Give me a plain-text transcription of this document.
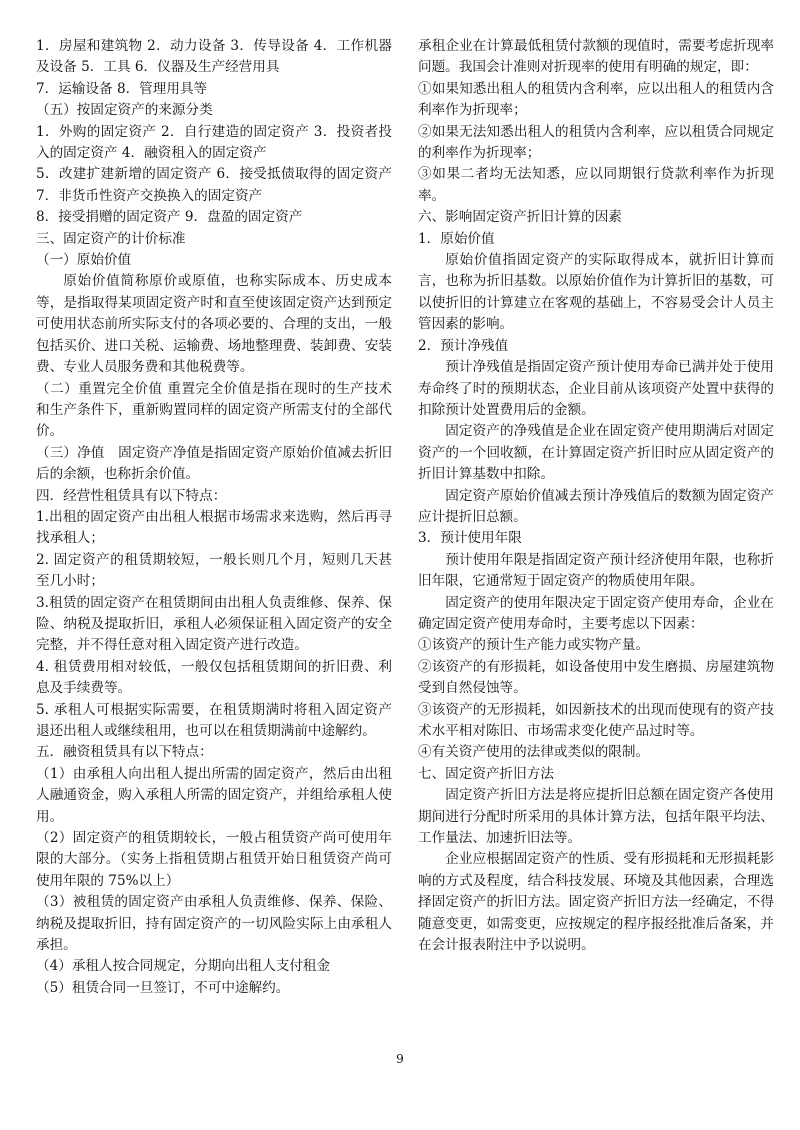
1．房屋和建筑物 2．动力设备 3．传导设备 4．工作机器及设备 5．工具 6．仪器及生产经营用具

7．运输设备 8．管理用具等

（五）按固定资产的来源分类

1．外购的固定资产 2．自行建造的固定资产 3．投资者投入的固定资产 4．融资租入的固定资产

5．改建扩建新增的固定资产 6．接受抵债取得的固定资产 7．非货币性资产交换换入的固定资产

8．接受捐赠的固定资产 9．盘盈的固定资产

三、固定资产的计价标准

（一）原始价值

原始价值简称原价或原值，也称实际成本、历史成本等，是指取得某项固定资产时和直至使该固定资产达到预定可使用状态前所实际支付的各项必要的、合理的支出，一般包括买价、进口关税、运输费、场地整理费、装卸费、安装费、专业人员服务费和其他税费等。

（二）重置完全价值 重置完全价值是指在现时的生产技术和生产条件下，重新购置同样的固定资产所需支付的全部代价。

（三）净值　固定资产净值是指固定资产原始价值减去折旧后的余额，也称折余价值。

四．经营性租赁具有以下特点：

1.出租的固定资产由出租人根据市场需求来选购，然后再寻找承租人；

2. 固定资产的租赁期较短，一般长则几个月，短则几天甚至几小时；

3.租赁的固定资产在租赁期间由出租人负责维修、保养、保险、纳税及提取折旧，承租人必须保证租入固定资产的安全完整，并不得任意对租入固定资产进行改造。

4. 租赁费用相对较低，一般仅包括租赁期间的折旧费、利息及手续费等。

5. 承租人可根据实际需要，在租赁期满时将租入固定资产退还出租人或继续租用，也可以在租赁期满前中途解约。

五．融资租赁具有以下特点：

（1）由承租人向出租人提出所需的固定资产，然后由出租人融通资金，购入承租人所需的固定资产，并组给承租人使用。

（2）固定资产的租赁期较长，一般占租赁资产尚可使用年限的大部分。（实务上指租赁期占租赁开始日租赁资产尚可使用年限的 75%以上）

（3）被租赁的固定资产由承租人负责维修、保养、保险、纳税及提取折旧，持有固定资产的一切风险实际上由承租人承担。

（4）承租人按合同规定，分期向出租人支付租金

（5）租赁合同一旦签订，不可中途解约。

承租企业在计算最低租赁付款额的现值时，需要考虑折现率问题。我国会计准则对折现率的使用有明确的规定，即：

①如果知悉出租人的租赁内含利率，应以出租人的租赁内含利率作为折现率；

②如果无法知悉出租人的租赁内含利率，应以租赁合同规定的利率作为折现率；

③如果二者均无法知悉，应以同期银行贷款利率作为折现率。

六、影响固定资产折旧计算的因素

1．原始价值

原始价值指固定资产的实际取得成本，就折旧计算而言，也称为折旧基数。以原始价值作为计算折旧的基数，可以使折旧的计算建立在客观的基础上，不容易受会计人员主管因素的影响。

2．预计净残值

预计净残值是指固定资产预计使用寿命已满并处于使用寿命终了时的预期状态，企业目前从该项资产处置中获得的扣除预计处置费用后的金额。

固定资产的净残值是企业在固定资产使用期满后对固定资产的一个回收额，在计算固定资产折旧时应从固定资产的折旧计算基数中扣除。

固定资产原始价值减去预计净残值后的数额为固定资产应计提折旧总额。

3．预计使用年限

预计使用年限是指固定资产预计经济使用年限，也称折旧年限，它通常短于固定资产的物质使用年限。

固定资产的使用年限决定于固定资产使用寿命，企业在确定固定资产使用寿命时，主要考虑以下因素：

①该资产的预计生产能力或实物产量。

②该资产的有形损耗，如设备使用中发生磨损、房屋建筑物受到自然侵蚀等。

③该资产的无形损耗，如因新技术的出现而使现有的资产技术水平相对陈旧、市场需求变化使产品过时等。

④有关资产使用的法律或类似的限制。

七、固定资产折旧方法

固定资产折旧方法是将应提折旧总额在固定资产各使用期间进行分配时所采用的具体计算方法，包括年限平均法、工作量法、加速折旧法等。

企业应根据固定资产的性质、受有形损耗和无形损耗影响的方式及程度，结合科技发展、环境及其他因素，合理选择固定资产的折旧方法。固定资产折旧方法一经确定，不得随意变更，如需变更，应按规定的程序报经批准后备案，并在会计报表附注中予以说明。

9
